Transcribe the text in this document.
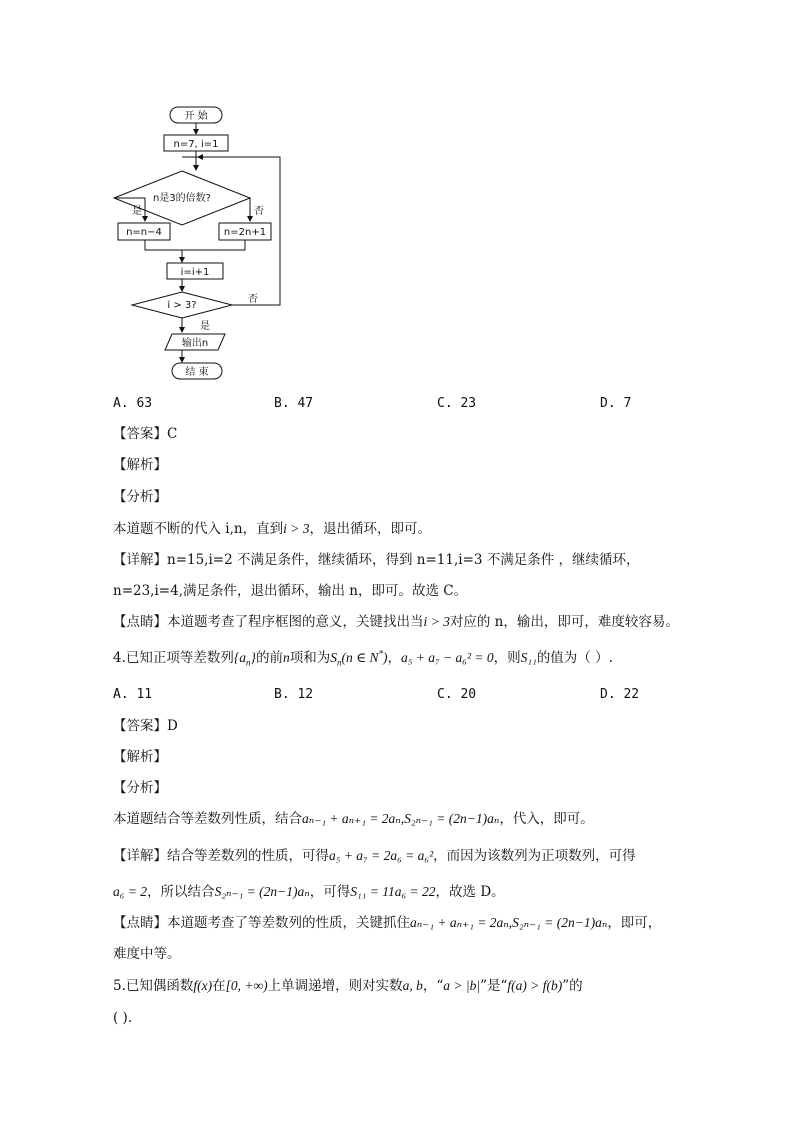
开 始
n=7, i=1
n是3的倍数?
是	否
n=n−4	n=2n+1
i=i+1
i > 3?
否
是
输出n
结 束
A. 63	B. 47	C. 23	D. 7
【答案】C
【解析】
【分析】
本道题不断的代入 i,n，直到i > 3，退出循环，即可。
【详解】n=15,i=2 不满足条件，继续循环，得到 n=11,i=3 不满足条件 ，继续循环，
n=23,i=4,满足条件，退出循环，输出 n，即可。故选 C。
【点睛】本道题考查了程序框图的意义，关键找出当i > 3对应的 n，输出，即可，难度较容易。
4.已知正项等差数列$\{a_n\}$的前n项和为$S_n(n$ ∈ N*)，a₅ + a₇ − a₆² = 0，则S₁₁的值为（ ）.
A. 11	B. 12	C. 20	D. 22
【答案】D
【解析】
【分析】
本道题结合等差数列性质，结合aₙ₋₁ + aₙ₊₁ = 2aₙ,S₂ₙ₋₁ = (2n−1)aₙ，代入，即可。
【详解】结合等差数列的性质，可得a₅ + a₇ = 2a₆ = a₆²，而因为该数列为正项数列，可得
a₆ = 2，所以结合S₂ₙ₋₁ = (2n−1)aₙ，可得S₁₁ = 11a₆ = 22，故选 D。
【点睛】本道题考查了等差数列的性质，关键抓住aₙ₋₁ + aₙ₊₁ = 2aₙ,S₂ₙ₋₁ = (2n−1)aₙ，即可，
难度中等。
5.已知偶函数f(x)在[0, +∞)上单调递增，则对实数a, b，“a > |b|”是“f(a) > f(b)”的
( ).
